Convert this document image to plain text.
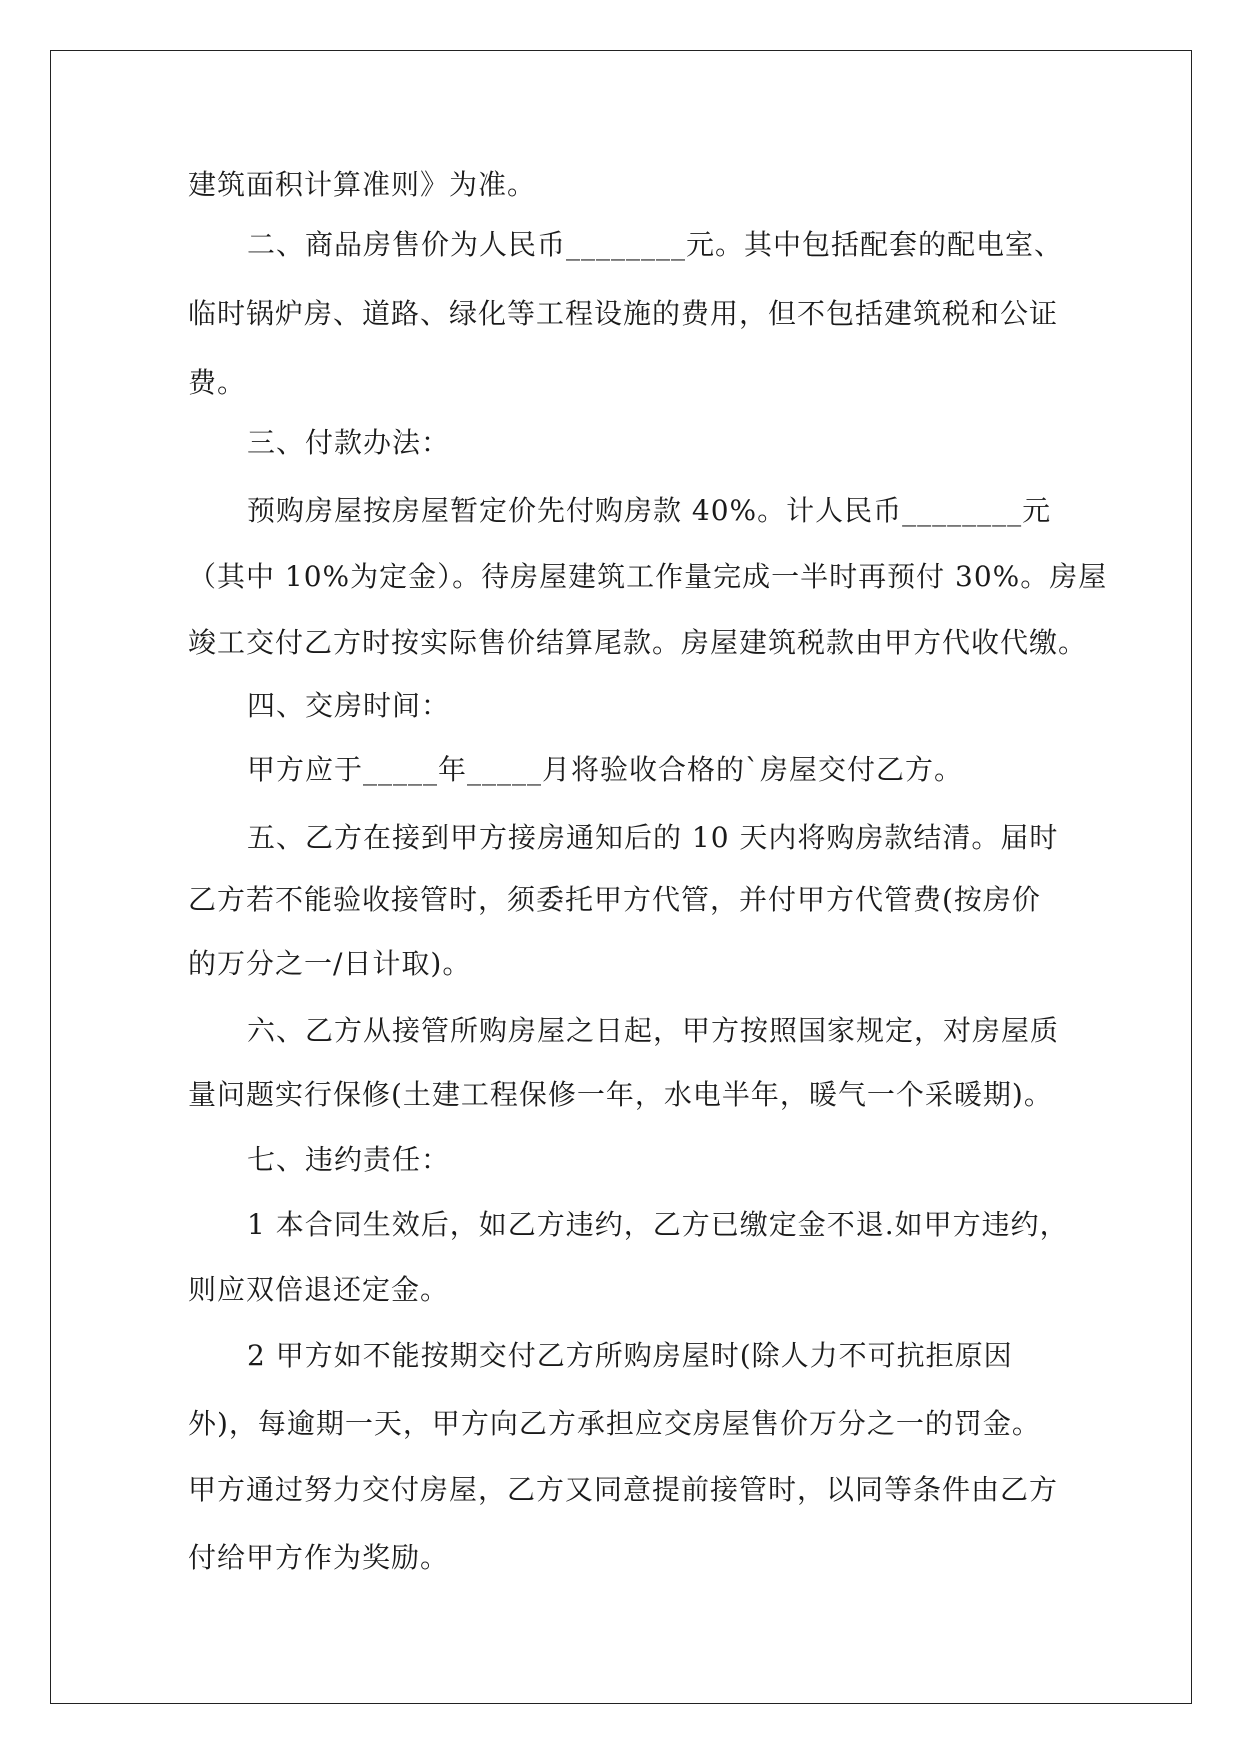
建筑面积计算准则》为准。
二、商品房售价为人民币________元。其中包括配套的配电室、
临时锅炉房、道路、绿化等工程设施的费用，但不包括建筑税和公证
费。
三、付款办法：
预购房屋按房屋暂定价先付购房款 40%。计人民币________元
（其中 10%为定金）。待房屋建筑工作量完成一半时再预付 30%。房屋
竣工交付乙方时按实际售价结算尾款。房屋建筑税款由甲方代收代缴。
四、交房时间：
甲方应于_____年_____月将验收合格的`房屋交付乙方。
五、乙方在接到甲方接房通知后的 10 天内将购房款结清。届时
乙方若不能验收接管时，须委托甲方代管，并付甲方代管费(按房价
的万分之一/日计取)。
六、乙方从接管所购房屋之日起，甲方按照国家规定，对房屋质
量问题实行保修(土建工程保修一年，水电半年，暖气一个采暖期)。
七、违约责任：
1 本合同生效后，如乙方违约，乙方已缴定金不退.如甲方违约，
则应双倍退还定金。
2 甲方如不能按期交付乙方所购房屋时(除人力不可抗拒原因
外)，每逾期一天，甲方向乙方承担应交房屋售价万分之一的罚金。
甲方通过努力交付房屋，乙方又同意提前接管时，以同等条件由乙方
付给甲方作为奖励。
